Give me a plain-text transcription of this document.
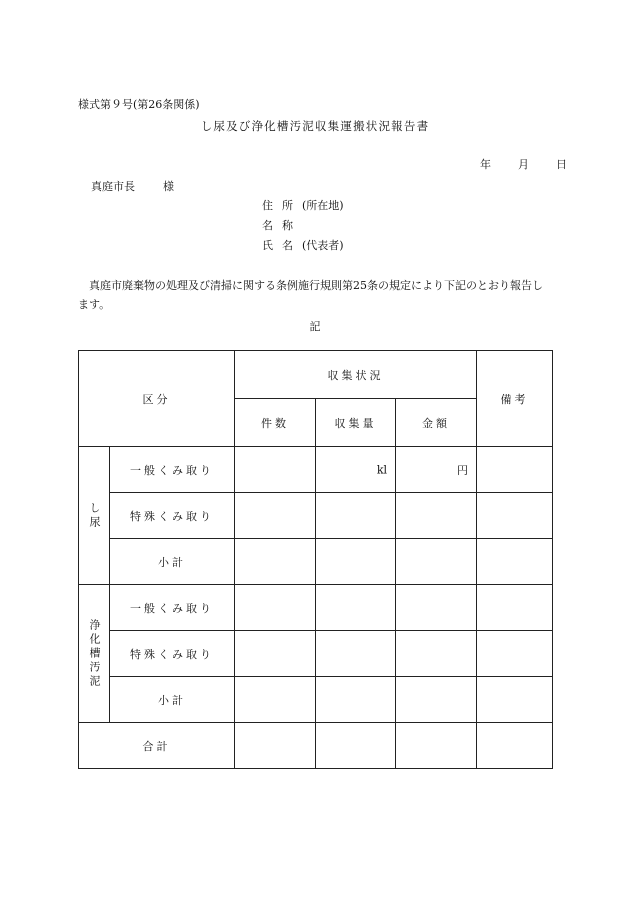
様式第９号(第26条関係)
し尿及び浄化槽汚泥収集運搬状況報告書
年 月 日
真庭市長	様
住所(所在地)
名称
氏名(代表者)
真庭市廃棄物の処理及び清掃に関する条例施行規則第25条の規定により下記のとおり報告します。
記
区分		収集状況			備考
		件数	収集量	金額	

し尿	一般くみ取り		kl	円	

	特殊くみ取り				
	小計				

浄化槽汚泥	一般くみ取り				
	特殊くみ取り				
	小計				
合計					
